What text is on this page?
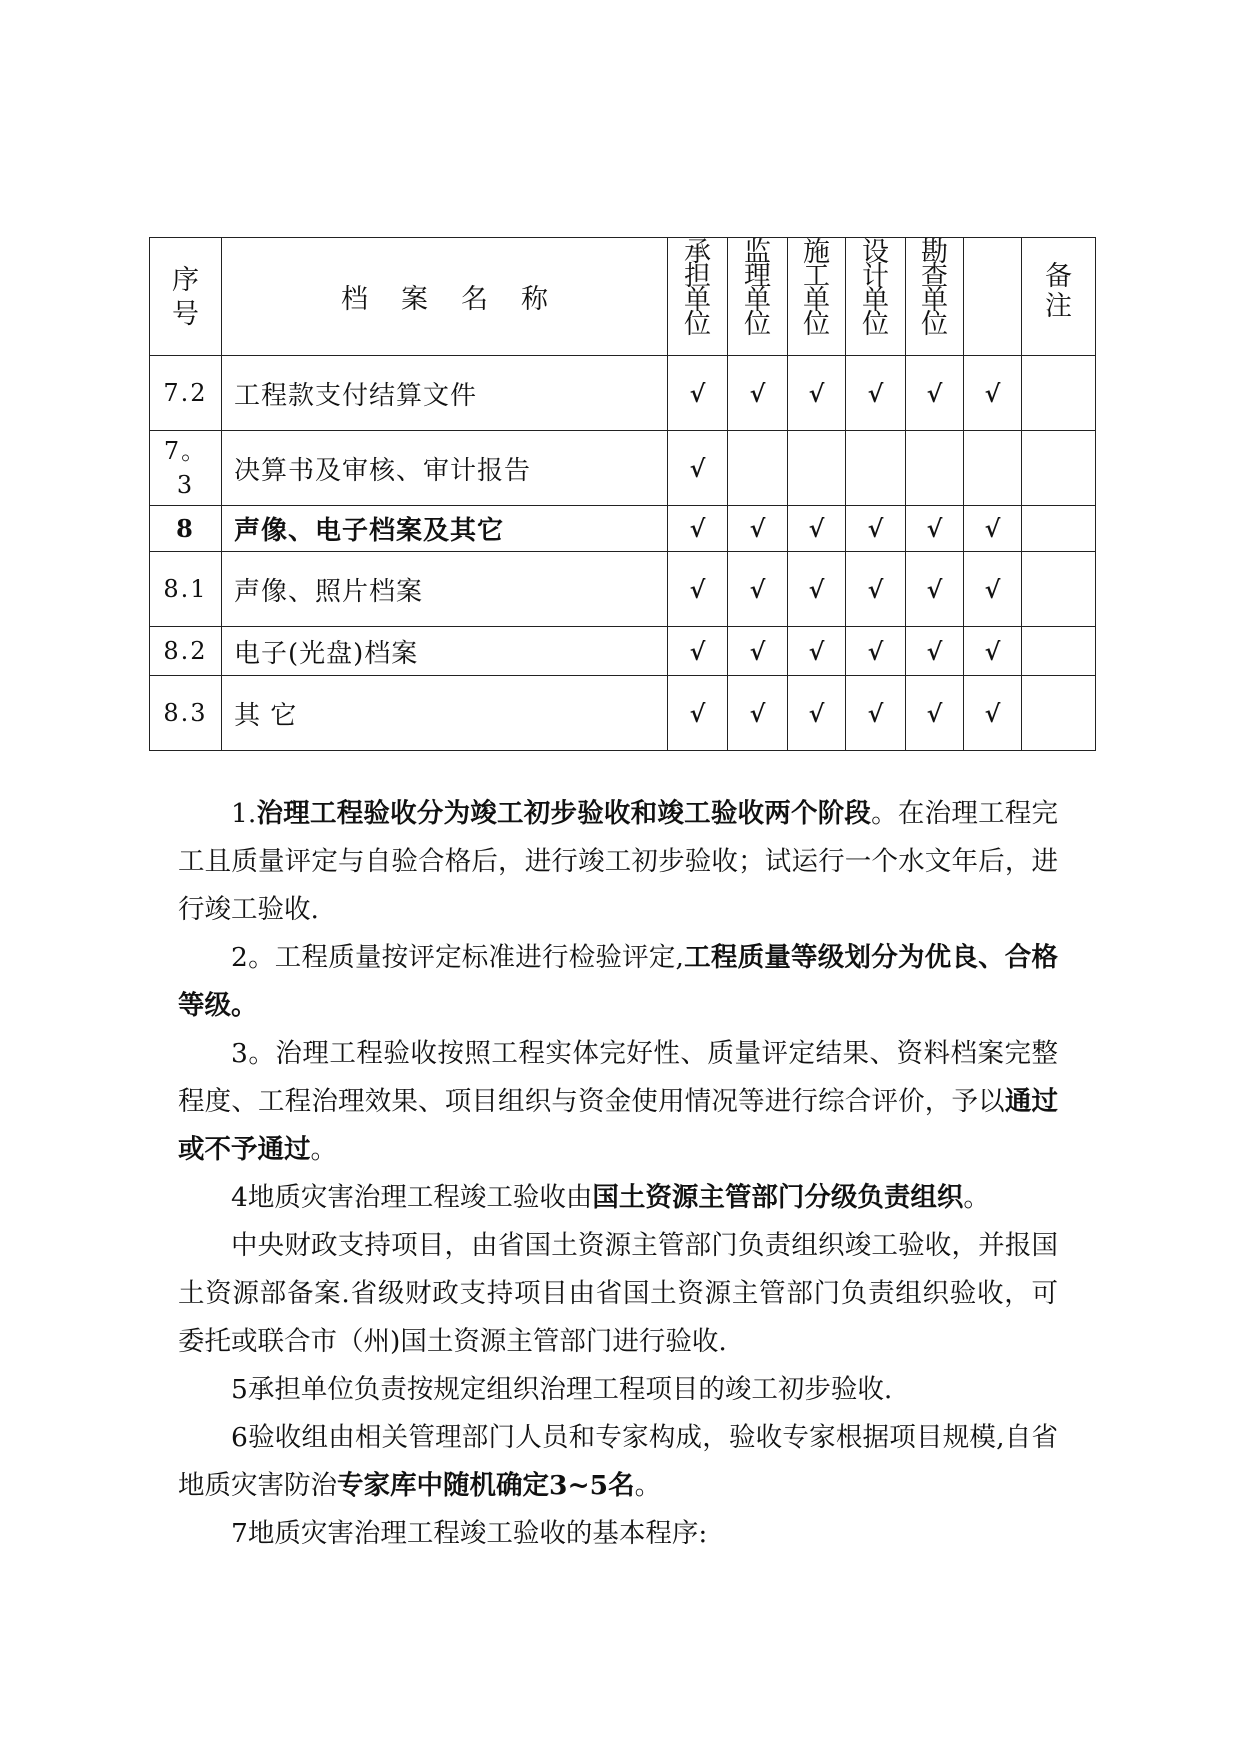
序号	档案名称	承担单位	监理单位	施工单位	设计单位	勘查单位		备注
7.2	工程款支付结算文件	√	√	√	√	√	√	
7。3	决算书及审核、审计报告	√						
8	声像、电子档案及其它	√	√	√	√	√	√	
8.1	声像、照片档案	√	√	√	√	√	√	
8.2	电子(光盘)档案	√	√	√	√	√	√	
8.3	其 它	√	√	√	√	√	√	

1.治理工程验收分为竣工初步验收和竣工验收两个阶段。在治理工程完工且质量评定与自验合格后，进行竣工初步验收；试运行一个水文年后，进行竣工验收.

2。工程质量按评定标准进行检验评定,工程质量等级划分为优良、合格等级。

3。治理工程验收按照工程实体完好性、质量评定结果、资料档案完整程度、工程治理效果、项目组织与资金使用情况等进行综合评价，予以通过或不予通过。

4地质灾害治理工程竣工验收由国土资源主管部门分级负责组织。

中央财政支持项目，由省国土资源主管部门负责组织竣工验收，并报国土资源部备案.省级财政支持项目由省国土资源主管部门负责组织验收，可委托或联合市（州)国土资源主管部门进行验收.

5承担单位负责按规定组织治理工程项目的竣工初步验收.

6验收组由相关管理部门人员和专家构成，验收专家根据项目规模,自省地质灾害防治专家库中随机确定3~5名。

7地质灾害治理工程竣工验收的基本程序:
